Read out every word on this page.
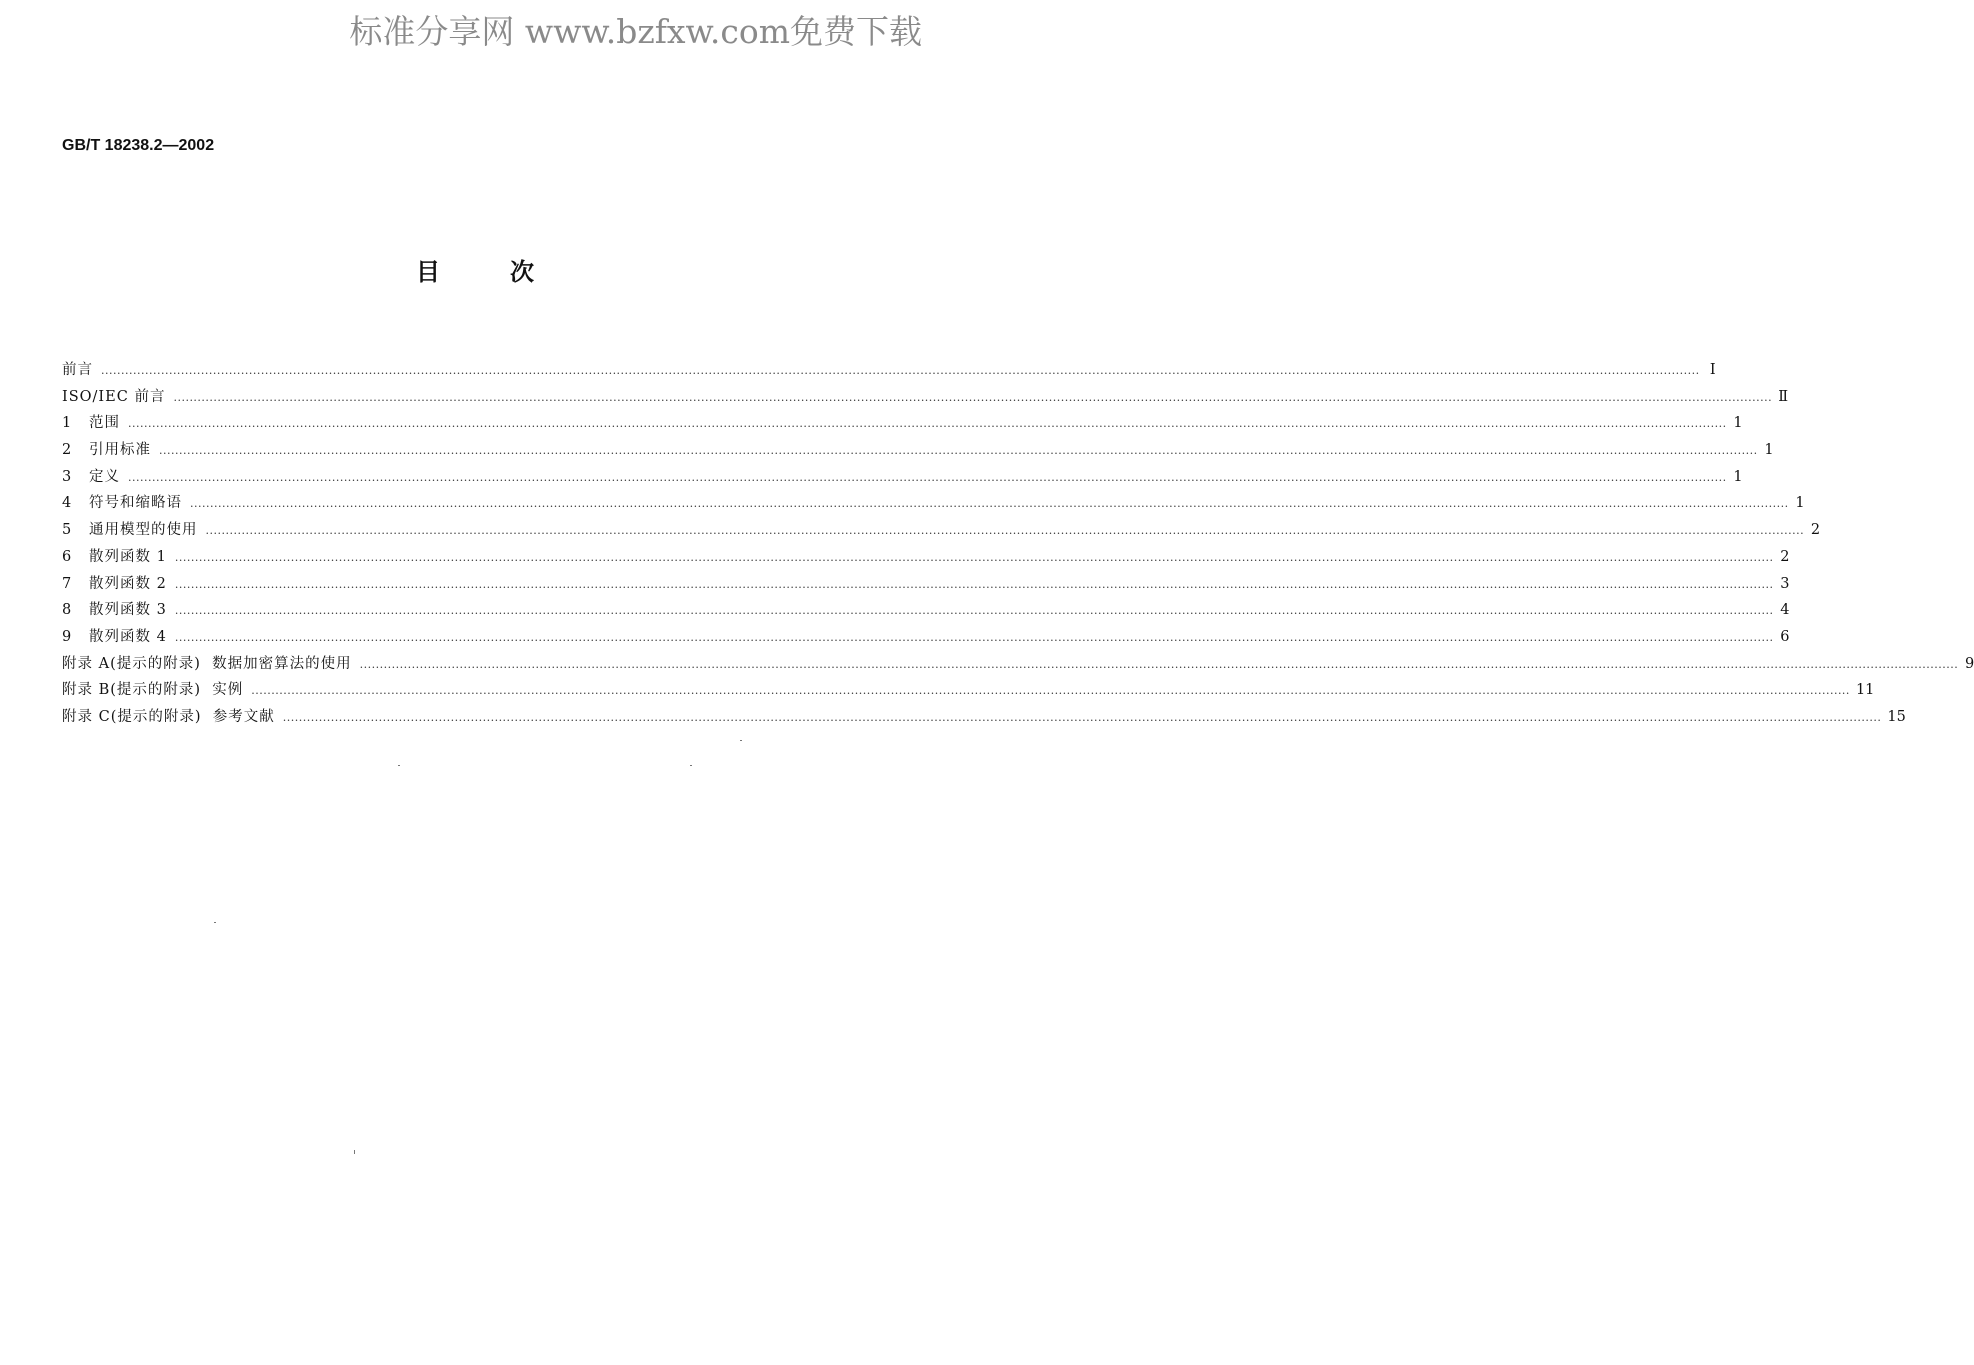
标准分享网 www.bzfxw.com免费下载
GB/T 18238.2—2002
目	次
前言 ................................................................................................................................................................................................................................................................................................................................................................................................................ I
ISO/IEC 前言 ................................................................................................................................................................................................................................................................................................................................................................................................................ Ⅱ
1	范围 ................................................................................................................................................................................................................................................................................................................................................................................................................ 1
2	引用标准 ................................................................................................................................................................................................................................................................................................................................................................................................................ 1
3	定义 ................................................................................................................................................................................................................................................................................................................................................................................................................ 1
4	符号和缩略语 ................................................................................................................................................................................................................................................................................................................................................................................................................ 1
5	通用模型的使用 ................................................................................................................................................................................................................................................................................................................................................................................................................ 2
6	散列函数 1 ................................................................................................................................................................................................................................................................................................................................................................................................................ 2
7	散列函数 2 ................................................................................................................................................................................................................................................................................................................................................................................................................ 3
8	散列函数 3 ................................................................................................................................................................................................................................................................................................................................................................................................................ 4
9	散列函数 4 ................................................................................................................................................................................................................................................................................................................................................................................................................ 6
附录 A(提示的附录)  数据加密算法的使用 ................................................................................................................................................................................................................................................................................................................................................................................................................ 9
附录 B(提示的附录)  实例 ................................................................................................................................................................................................................................................................................................................................................................................................................ 11
附录 C(提示的附录)  参考文献 ................................................................................................................................................................................................................................................................................................................................................................................................................ 15
